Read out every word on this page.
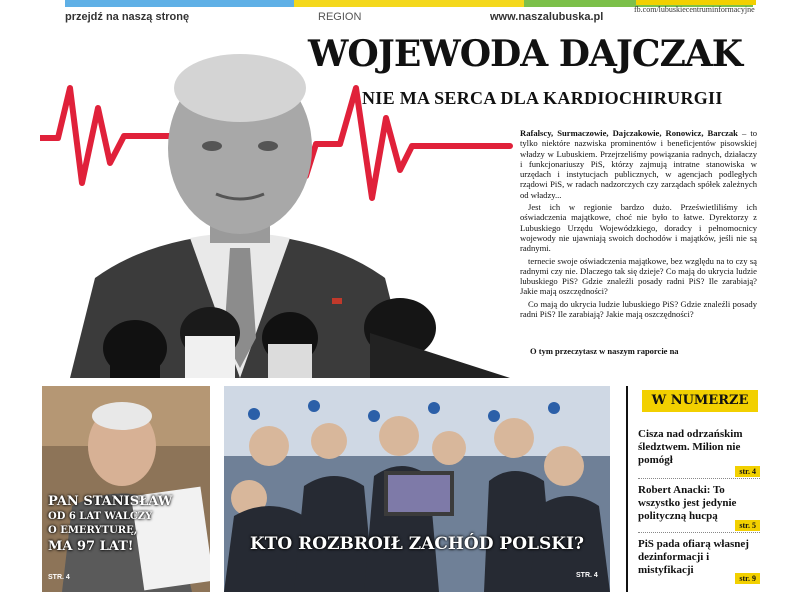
przejdź na naszą stronę	REGION	www.naszalubuska.pl
fb.com/lubuskiecentruminformacyjne
WOJEWODA DAJCZAK
NIE MA SERCA DLA KARDIOCHIRURGII

Rafalscy, Surmaczowie, Dajczakowie, Ronowicz, Barczak – to tylko niektóre nazwiska prominentów i beneficjentów pisowskiej władzy w Lubuskiem. Przejrzeliśmy powiązania radnych, działaczy i funkcjonariuszy PiS, którzy zajmują intratne stanowiska w urzędach i instytucjach publicznych, w agencjach podległych rządowi PiS, w radach nadzorczych czy zarządach spółek zależnych od władzy...

Jest ich w regionie bardzo dużo. Prześwietliliśmy ich oświadczenia majątkowe, choć nie było to łatwe. Dyrektorzy z Lubuskiego Urzędu Wojewódzkiego, doradcy i pełnomocnicy wojewody nie ujawniają swoich dochodów i majątków, jeśli nie są radnymi.

ternecie swoje oświadczenia majątkowe, bez względu na to czy są radnymi czy nie. Dlaczego tak się dzieje? Co mają do ukrycia ludzie lubuskiego PiS? Gdzie znaleźli posady radni PiS? Ile zarabiają? Jakie mają oszczędności?

Co mają do ukrycia ludzie lubuskiego PiS? Gdzie znaleźli posady radni PiS? Ile zarabiają? Jakie mają oszczędności?

O tym przeczytasz w naszym raporcie na
PAN STANISŁAW
OD 6 LAT WALCZY
O EMERYTURĘ,
MA 97 LAT!
STR. 4
KTO ROZBROIŁ ZACHÓD POLSKI?
STR. 4
W NUMERZE
Cisza nad odrzańskim śledztwem. Milion nie pomógł
str. 4
Robert Anacki: To wszystko jest jedynie polityczną hucpą
str. 5
PiS pada ofiarą własnej dezinformacji i mistyfikacji
str. 9
